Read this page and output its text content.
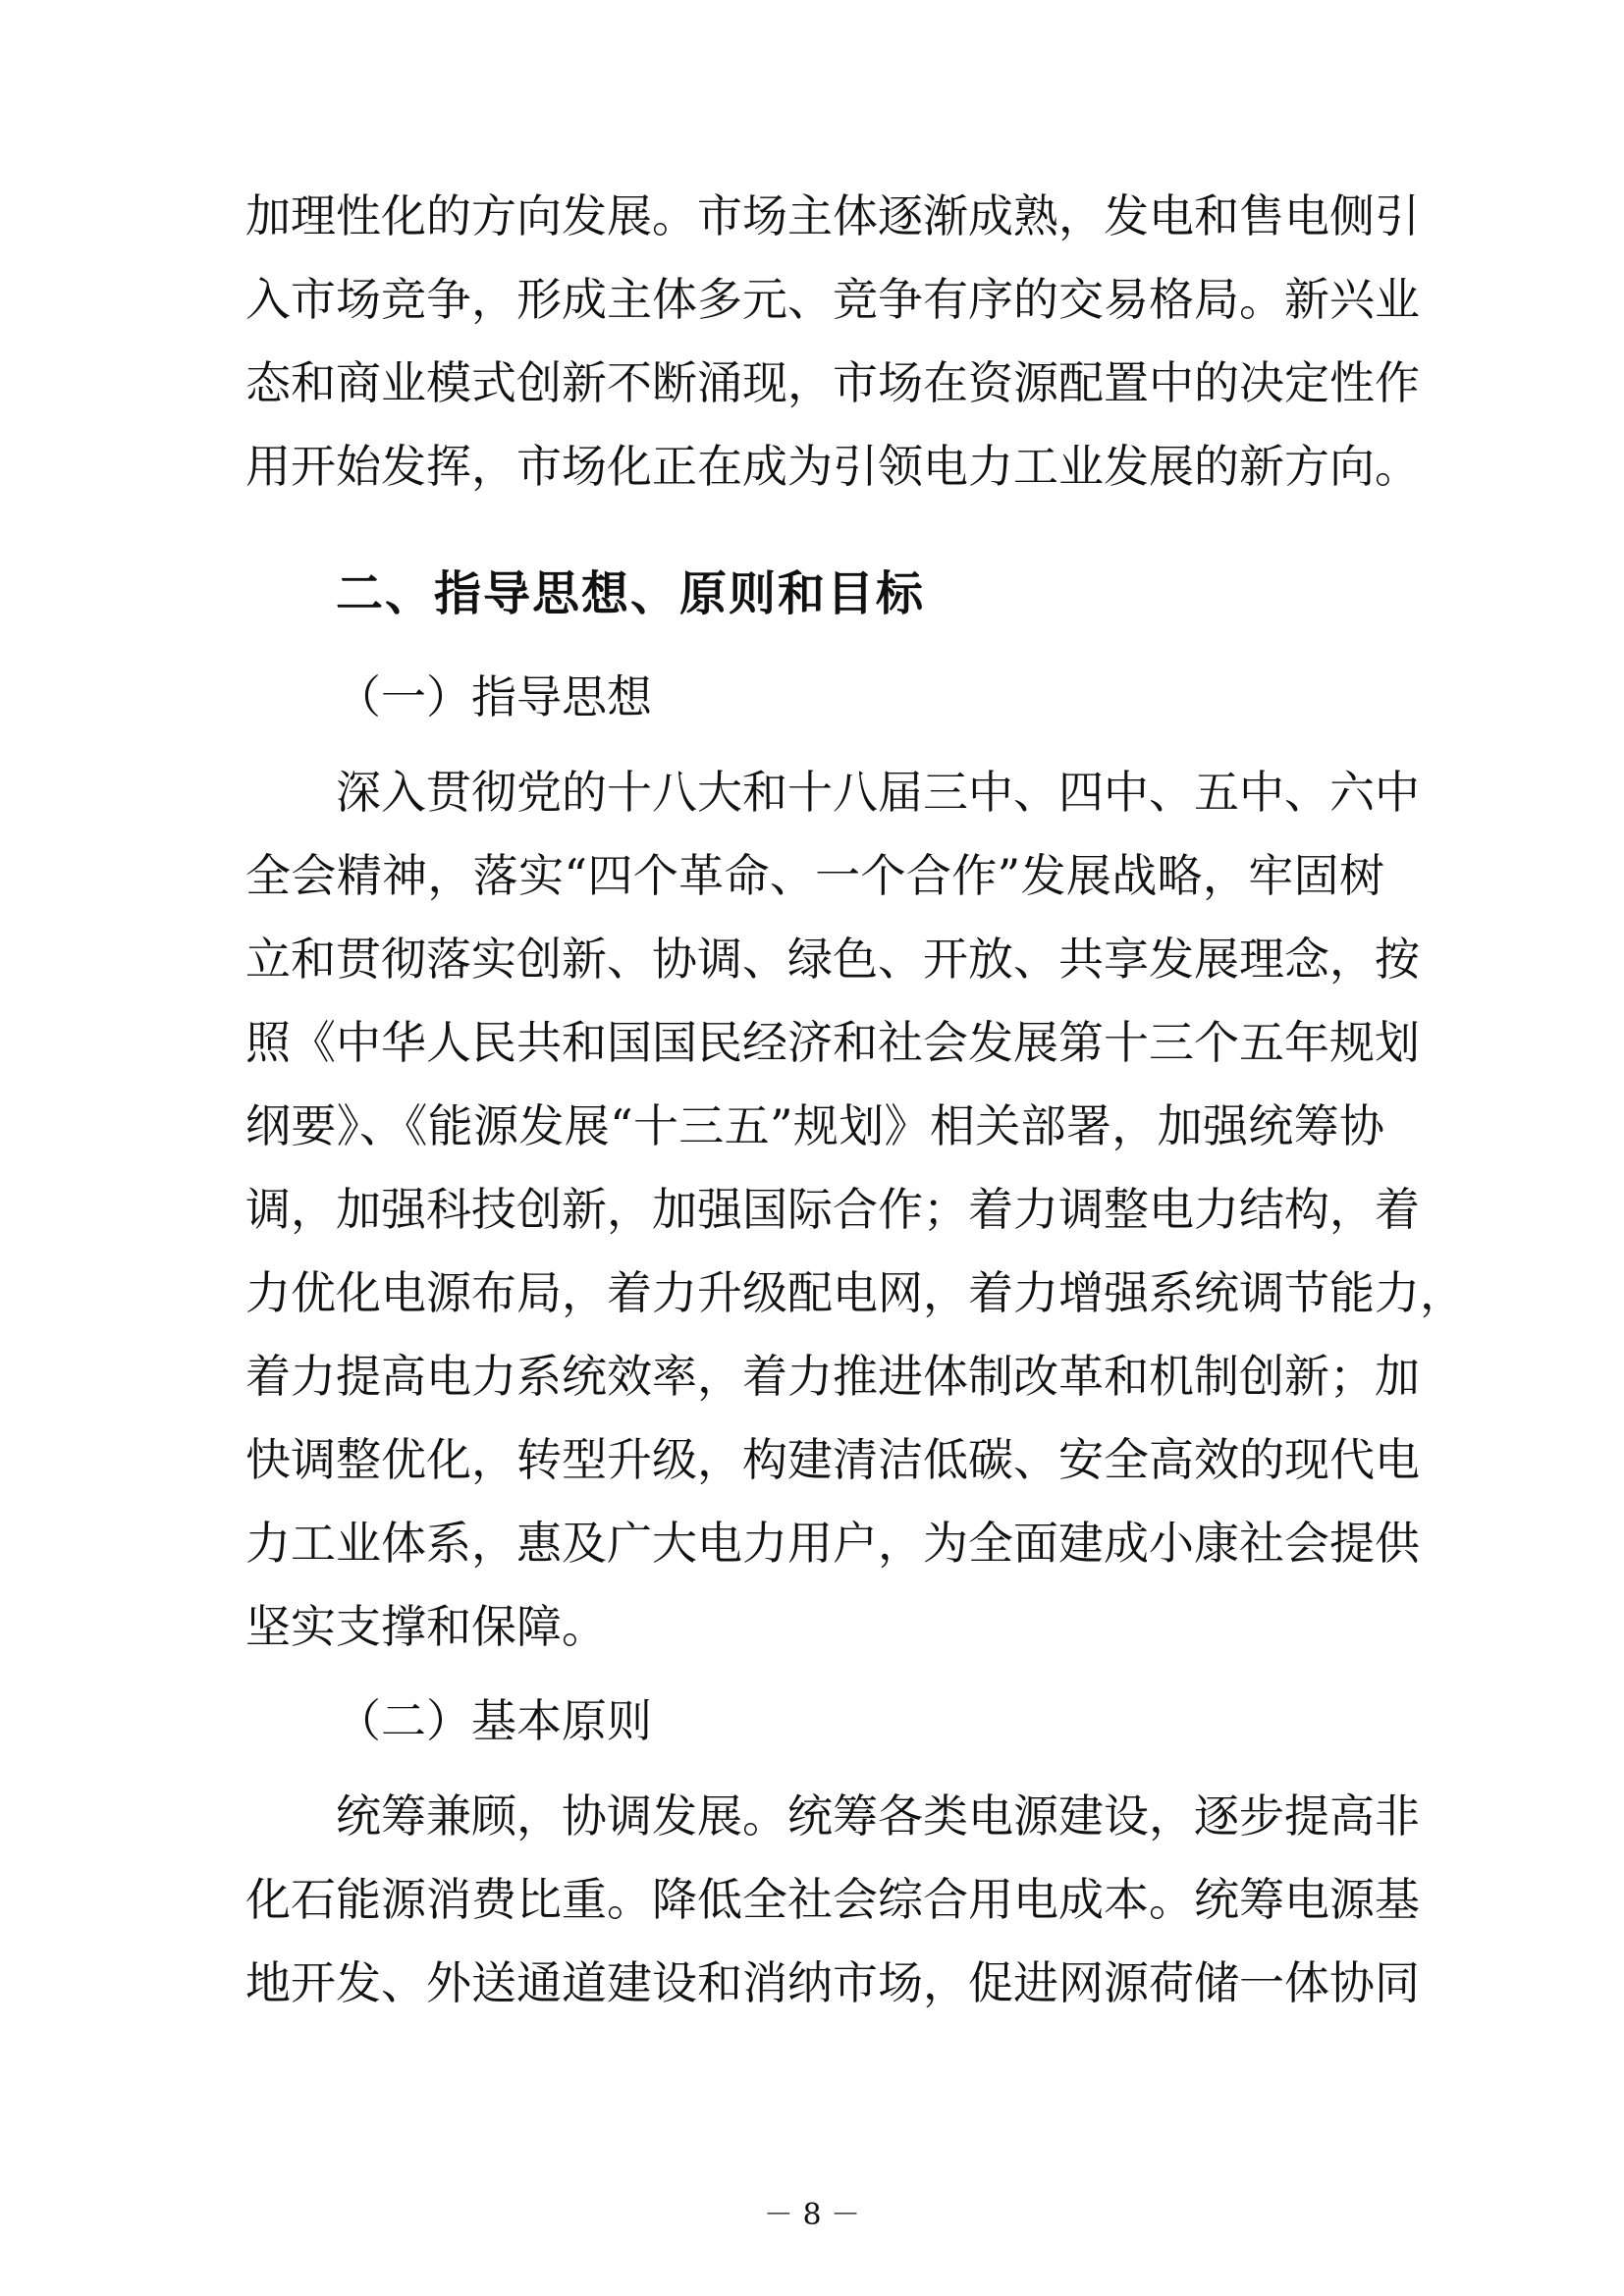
加理性化的方向发展。市场主体逐渐成熟，发电和售电侧引
入市场竞争，形成主体多元、竞争有序的交易格局。新兴业
态和商业模式创新不断涌现，市场在资源配置中的决定性作
用开始发挥，市场化正在成为引领电力工业发展的新方向。
二、指导思想、原则和目标
（一）指导思想
深入贯彻党的十八大和十八届三中、四中、五中、六中
全会精神，落实“四个革命、一个合作”发展战略，牢固树
立和贯彻落实创新、协调、绿色、开放、共享发展理念，按
照《中华人民共和国国民经济和社会发展第十三个五年规划
纲要》、《能源发展“十三五”规划》相关部署，加强统筹协
调，加强科技创新，加强国际合作；着力调整电力结构，着
力优化电源布局，着力升级配电网，着力增强系统调节能力，
着力提高电力系统效率，着力推进体制改革和机制创新；加
快调整优化，转型升级，构建清洁低碳、安全高效的现代电
力工业体系，惠及广大电力用户，为全面建成小康社会提供
坚实支撑和保障。
（二）基本原则
统筹兼顾，协调发展。统筹各类电源建设，逐步提高非
化石能源消费比重。降低全社会综合用电成本。统筹电源基
地开发、外送通道建设和消纳市场，促进网源荷储一体协同
－ 8 －
